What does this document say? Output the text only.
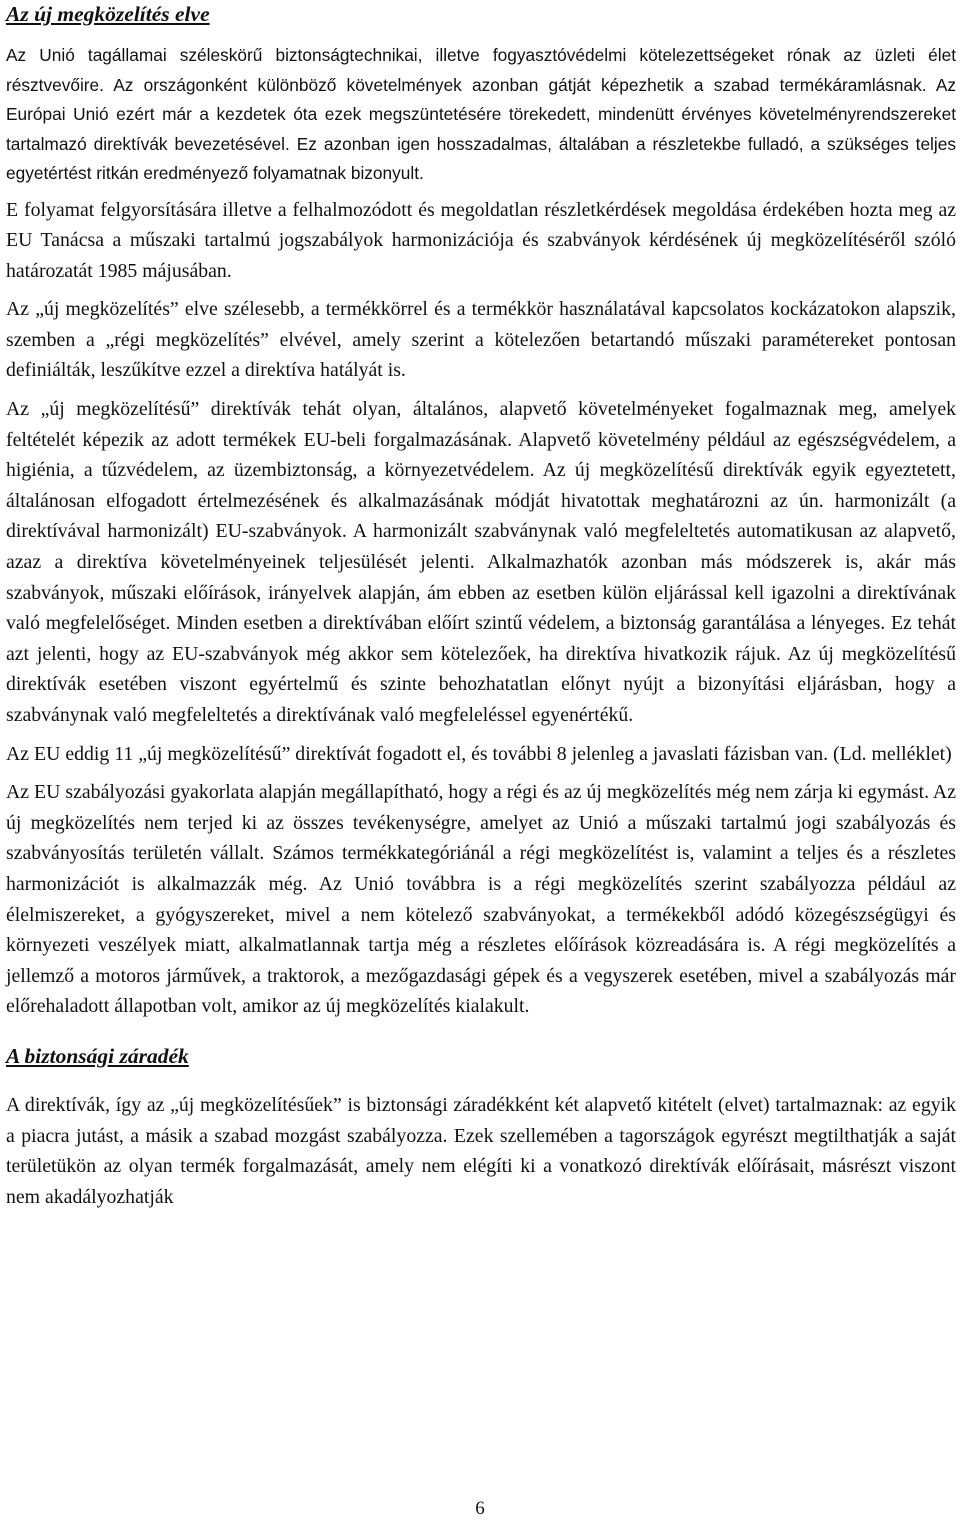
Az új megközelítés elve

Az Unió tagállamai széleskörű biztonságtechnikai, illetve fogyasztóvédelmi kötelezettségeket rónak az üzleti élet résztvevőire. Az országonként különböző követelmények azonban gátját képezhetik a szabad termékáramlásnak. Az Európai Unió ezért már a kezdetek óta ezek megszüntetésére törekedett, mindenütt érvényes követelményrendszereket tartalmazó direktívák bevezetésével. Ez azonban igen hosszadalmas, általában a részletekbe fulladó, a szükséges teljes egyetértést ritkán eredményező folyamatnak bizonyult.

E folyamat felgyorsítására illetve a felhalmozódott és megoldatlan részletkérdések megoldása érdekében hozta meg az EU Tanácsa a műszaki tartalmú jogszabályok harmonizációja és szabványok kérdésének új megközelítéséről szóló határozatát 1985 májusában.

Az „új megközelítés” elve szélesebb, a termékkörrel és a termékkör használatával kapcsolatos kockázatokon alapszik, szemben a „régi megközelítés” elvével, amely szerint a kötelezően betartandó műszaki paramétereket pontosan definiálták, leszűkítve ezzel a direktíva hatályát is.

Az „új megközelítésű” direktívák tehát olyan, általános, alapvető követelményeket fogalmaznak meg, amelyek feltételét képezik az adott termékek EU-beli forgalmazásának. Alapvető követelmény például az egészségvédelem, a higiénia, a tűzvédelem, az üzembiztonság, a környezetvédelem. Az új megközelítésű direktívák egyik egyeztetett, általánosan elfogadott értelmezésének és alkalmazásának módját hivatottak meghatározni az ún. harmonizált (a direktívával harmonizált) EU-szabványok. A harmonizált szabványnak való megfeleltetés automatikusan az alapvető, azaz a direktíva követelményeinek teljesülését jelenti. Alkalmazhatók azonban más módszerek is, akár más szabványok, műszaki előírások, irányelvek alapján, ám ebben az esetben külön eljárással kell igazolni a direktívának való megfelelőséget. Minden esetben a direktívában előírt szintű védelem, a biztonság garantálása a lényeges. Ez tehát azt jelenti, hogy az EU-szabványok még akkor sem kötelezőek, ha direktíva hivatkozik rájuk. Az új megközelítésű direktívák esetében viszont egyértelmű és szinte behozhatatlan előnyt nyújt a bizonyítási eljárásban, hogy a szabványnak való megfeleltetés a direktívának való megfeleléssel egyenértékű.

Az EU eddig 11 „új megközelítésű” direktívát fogadott el, és további 8 jelenleg a javaslati fázisban van. (Ld. melléklet)

Az EU szabályozási gyakorlata alapján megállapítható, hogy a régi és az új megközelítés még nem zárja ki egymást. Az új megközelítés nem terjed ki az összes tevékenységre, amelyet az Unió a műszaki tartalmú jogi szabályozás és szabványosítás területén vállalt. Számos termékkategóriánál a régi megközelítést is, valamint a teljes és a részletes harmonizációt is alkalmazzák még. Az Unió továbbra is a régi megközelítés szerint szabályozza például az élelmiszereket, a gyógyszereket, mivel a nem kötelező szabványokat, a termékekből adódó közegészségügyi és környezeti veszélyek miatt, alkalmatlannak tartja még a részletes előírások közreadására is. A régi megközelítés a jellemző a motoros járművek, a traktorok, a mezőgazdasági gépek és a vegyszerek esetében, mivel a szabályozás már előrehaladott állapotban volt, amikor az új megközelítés kialakult.

A biztonsági záradék

A direktívák, így az „új megközelítésűek” is biztonsági záradékként két alapvető kitételt (elvet) tartalmaznak: az egyik a piacra jutást, a másik a szabad mozgást szabályozza. Ezek szellemében a tagországok egyrészt megtilthatják a saját területükön az olyan termék forgalmazását, amely nem elégíti ki a vonatkozó direktívák előírásait, másrészt viszont nem akadályozhatják

6
